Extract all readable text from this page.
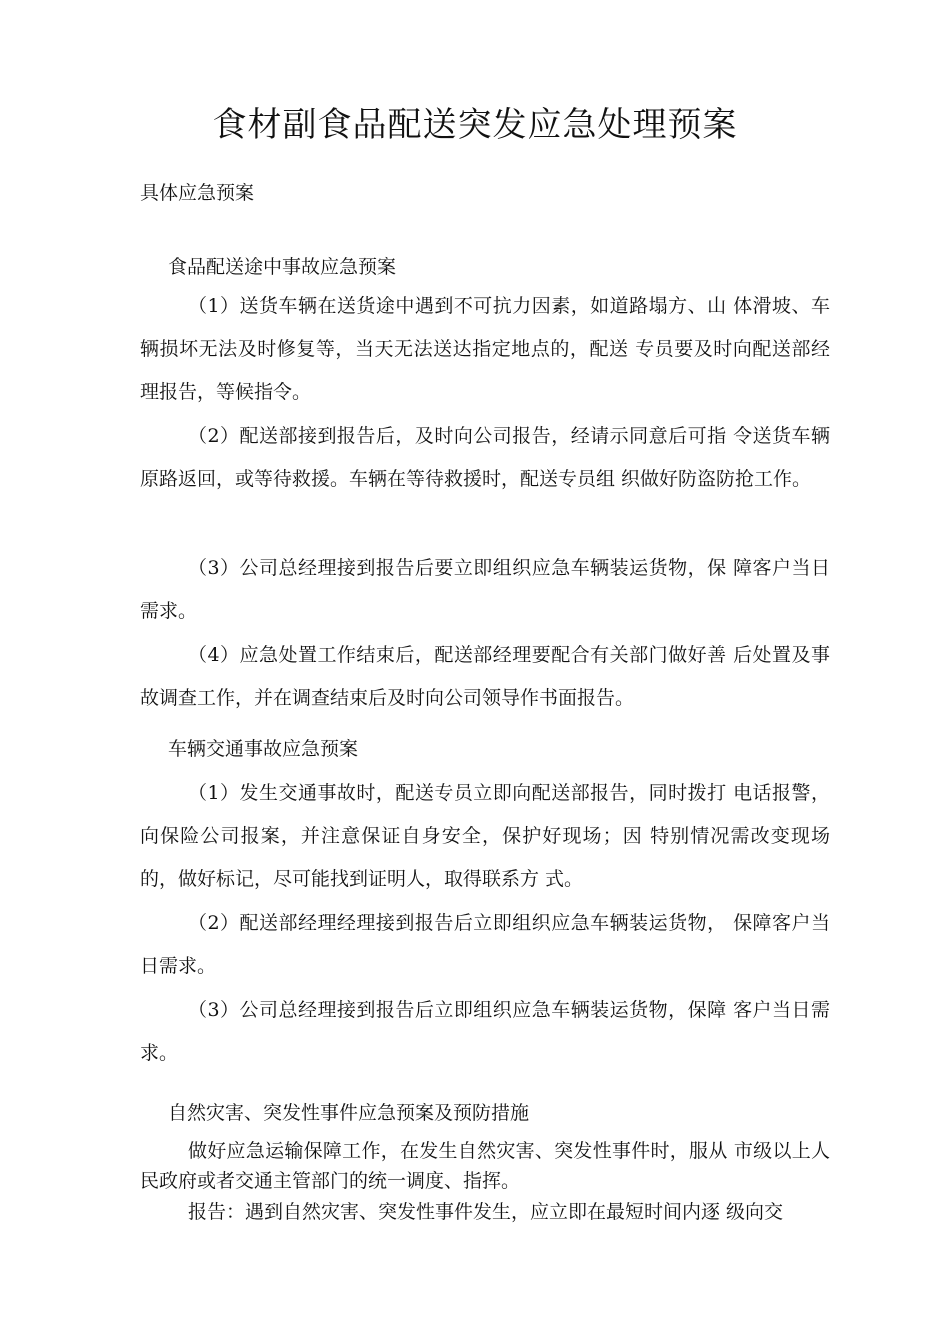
食材副食品配送突发应急处理预案
具体应急预案
食品配送途中事故应急预案
（1）送货车辆在送货途中遇到不可抗力因素，如道路塌方、山 体滑坡、车辆损坏无法及时修复等，当天无法送达指定地点的，配送 专员要及时向配送部经理报告，等候指令。
（2）配送部接到报告后，及时向公司报告，经请示同意后可指 令送货车辆原路返回，或等待救援。车辆在等待救援时，配送专员组 织做好防盗防抢工作。
（3）公司总经理接到报告后要立即组织应急车辆装运货物，保 障客户当日需求。
（4）应急处置工作结束后，配送部经理要配合有关部门做好善 后处置及事故调查工作，并在调查结束后及时向公司领导作书面报告。
车辆交通事故应急预案
（1）发生交通事故时，配送专员立即向配送部报告，同时拨打 电话报警，向保险公司报案，并注意保证自身安全，保护好现场；因 特别情况需改变现场的，做好标记，尽可能找到证明人，取得联系方 式。
（2）配送部经理经理接到报告后立即组织应急车辆装运货物， 保障客户当日需求。
（3）公司总经理接到报告后立即组织应急车辆装运货物，保障 客户当日需求。
自然灾害、突发性事件应急预案及预防措施
做好应急运输保障工作，在发生自然灾害、突发性事件时，服从 市级以上人民政府或者交通主管部门的统一调度、指挥。
报告：遇到自然灾害、突发性事件发生，应立即在最短时间内逐 级向交
